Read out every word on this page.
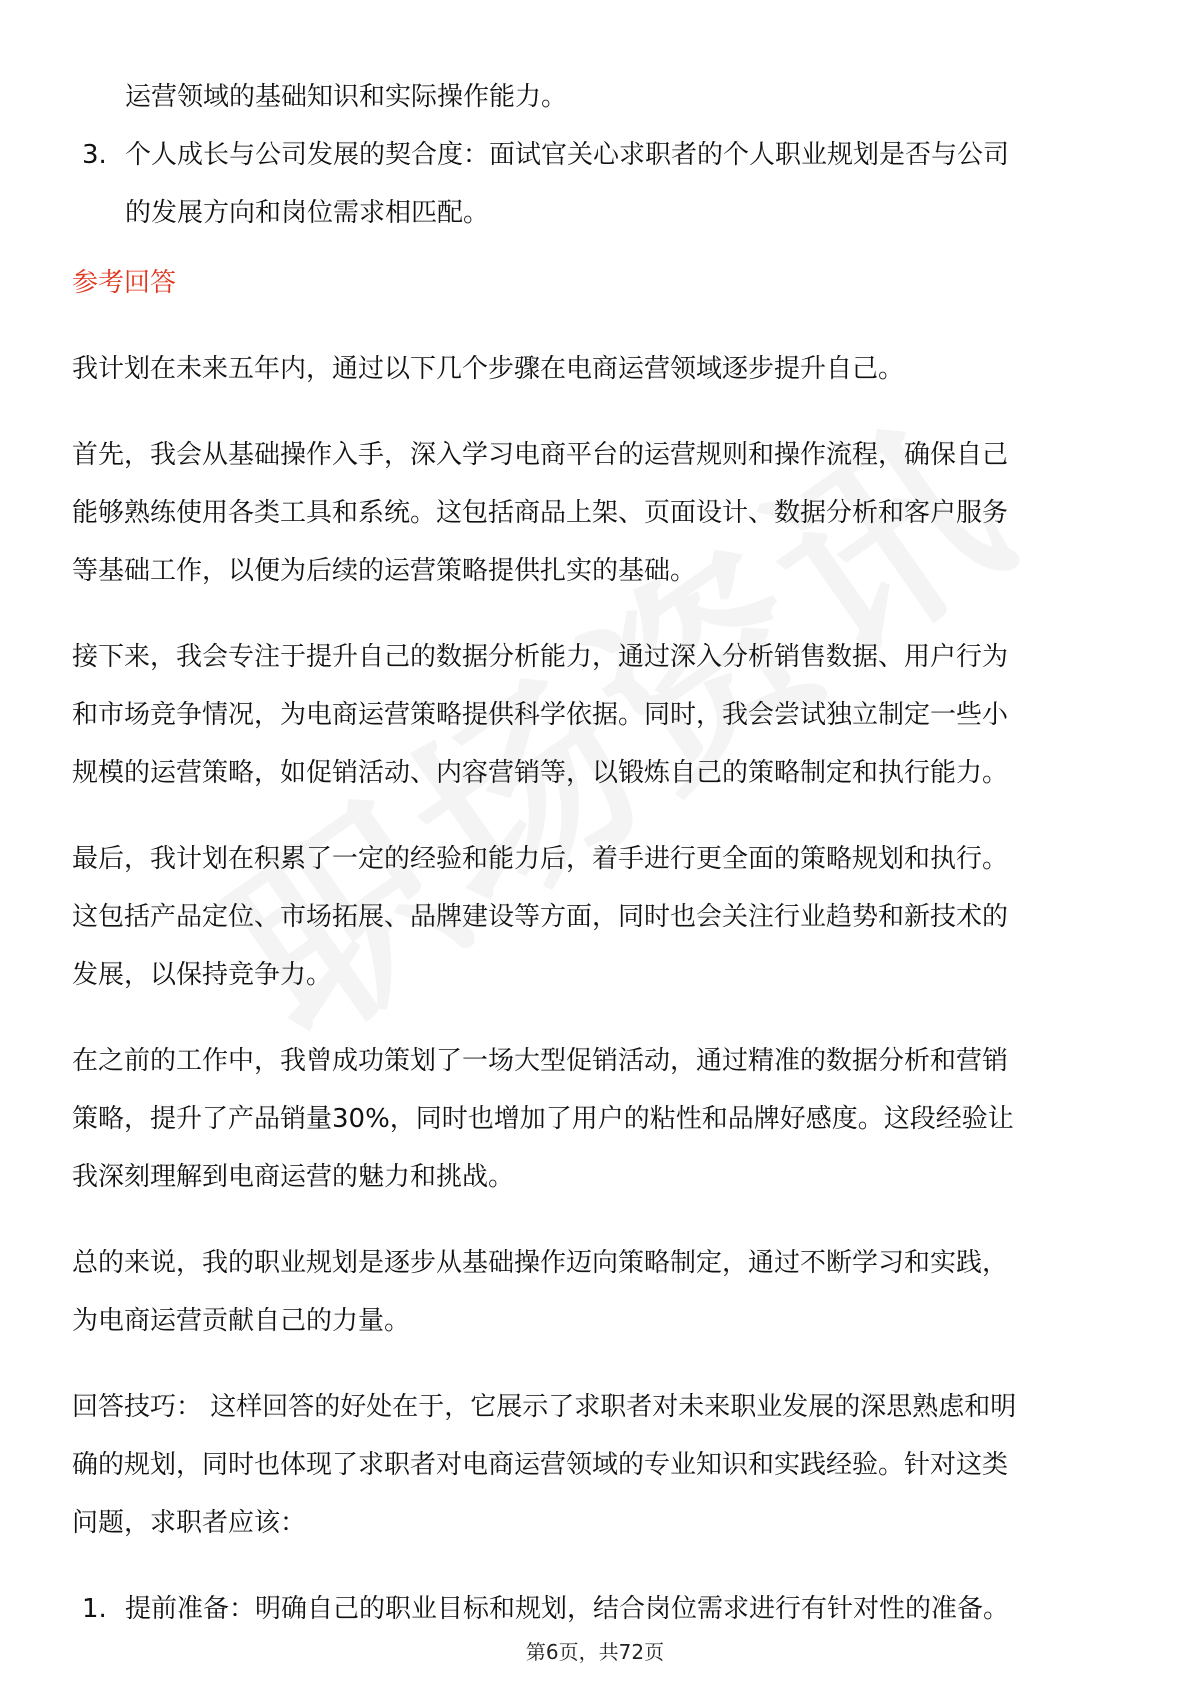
运营领域的基础知识和实际操作能力。
3. 个人成长与公司发展的契合度：面试官关心求职者的个人职业规划是否与公司
的发展方向和岗位需求相匹配。
参考回答
我计划在未来五年内，通过以下几个步骤在电商运营领域逐步提升自己。
首先，我会从基础操作入手，深入学习电商平台的运营规则和操作流程，确保自己
能够熟练使用各类工具和系统。这包括商品上架、页面设计、数据分析和客户服务
等基础工作，以便为后续的运营策略提供扎实的基础。
接下来，我会专注于提升自己的数据分析能力，通过深入分析销售数据、用户行为
和市场竞争情况，为电商运营策略提供科学依据。同时，我会尝试独立制定一些小
规模的运营策略，如促销活动、内容营销等，以锻炼自己的策略制定和执行能力。
最后，我计划在积累了一定的经验和能力后，着手进行更全面的策略规划和执行。
这包括产品定位、市场拓展、品牌建设等方面，同时也会关注行业趋势和新技术的
发展，以保持竞争力。
在之前的工作中，我曾成功策划了一场大型促销活动，通过精准的数据分析和营销
策略，提升了产品销量30%，同时也增加了用户的粘性和品牌好感度。这段经验让
我深刻理解到电商运营的魅力和挑战。
总的来说，我的职业规划是逐步从基础操作迈向策略制定，通过不断学习和实践，
为电商运营贡献自己的力量。
回答技巧： 这样回答的好处在于，它展示了求职者对未来职业发展的深思熟虑和明
确的规划，同时也体现了求职者对电商运营领域的专业知识和实践经验。针对这类
问题，求职者应该：
1. 提前准备：明确自己的职业目标和规划，结合岗位需求进行有针对性的准备。
第6页，共72页
